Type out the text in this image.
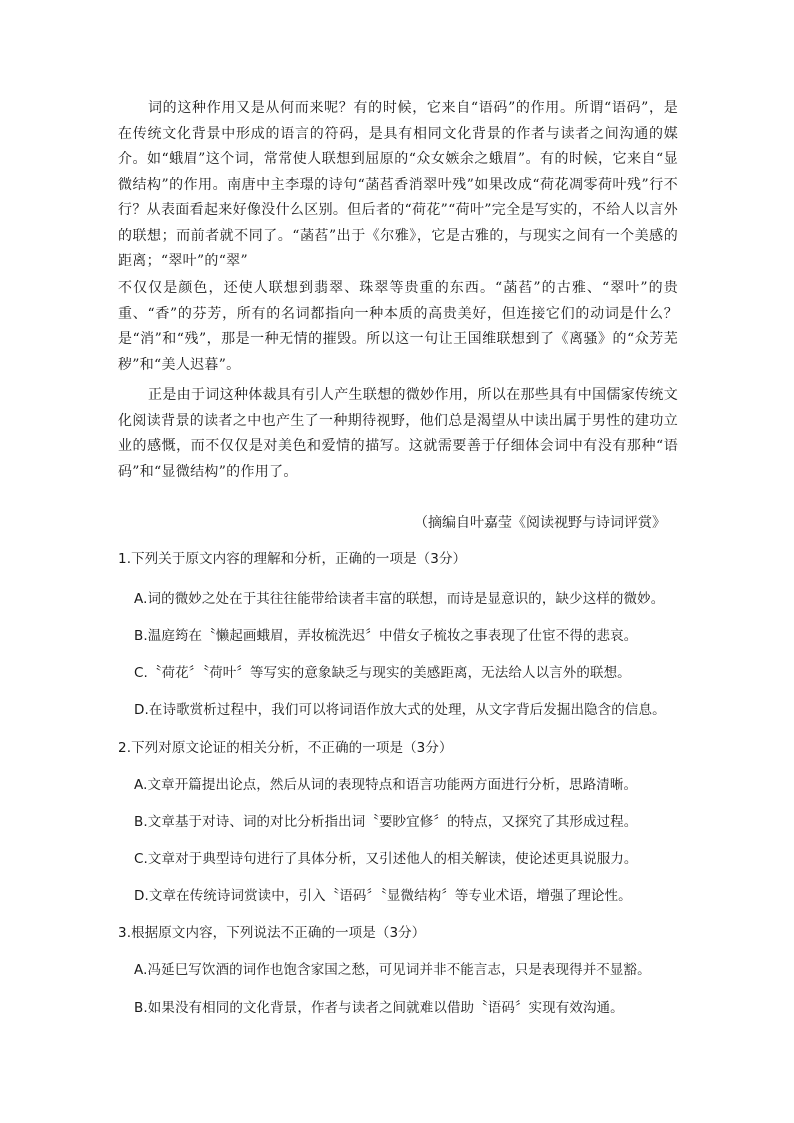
词的这种作用又是从何而来呢？有的时候，它来自“语码”的作用。所谓“语码”，是在传统文化背景中形成的语言的符码，是具有相同文化背景的作者与读者之间沟通的媒介。如“蛾眉”这个词，常常使人联想到屈原的“众女嫉余之蛾眉”。有的时候，它来自“显微结构”的作用。南唐中主李璟的诗句“菡萏香消翠叶残”如果改成“荷花凋零荷叶残”行不行？从表面看起来好像没什么区别。但后者的“荷花”“荷叶”完全是写实的，不给人以言外的联想；而前者就不同了。“菡萏”出于《尔雅》，它是古雅的，与现实之间有一个美感的距离；“翠叶”的“翠”

不仅仅是颜色，还使人联想到翡翠、珠翠等贵重的东西。“菡萏”的古雅、“翠叶”的贵重、“香”的芬芳，所有的名词都指向一种本质的高贵美好，但连接它们的动词是什么？是“消”和“残”，那是一种无情的摧毁。所以这一句让王国维联想到了《离骚》的“众芳芜秽”和“美人迟暮”。

正是由于词这种体裁具有引人产生联想的微妙作用，所以在那些具有中国儒家传统文化阅读背景的读者之中也产生了一种期待视野，他们总是渴望从中读出属于男性的建功立业的感慨，而不仅仅是对美色和爱情的描写。这就需要善于仔细体会词中有没有那种“语码”和“显微结构”的作用了。

（摘编自叶嘉莹《阅读视野与诗词评赏》
1.下列关于原文内容的理解和分析，正确的一项是（3分）
A.词的微妙之处在于其往往能带给读者丰富的联想，而诗是显意识的，缺少这样的微妙。
B.温庭筠在〝懒起画蛾眉，弄妆梳洗迟〞中借女子梳妆之事表现了仕宦不得的悲哀。
C.〝荷花〞〝荷叶〞等写实的意象缺乏与现实的美感距离，无法给人以言外的联想。
D.在诗歌赏析过程中，我们可以将词语作放大式的处理，从文字背后发掘出隐含的信息。
2.下列对原文论证的相关分析，不正确的一项是（3分）
A.文章开篇提出论点，然后从词的表现特点和语言功能两方面进行分析，思路清晰。
B.文章基于对诗、词的对比分析指出词〝要眇宜修〞的特点，又探究了其形成过程。
C.文章对于典型诗句进行了具体分析，又引述他人的相关解读，使论述更具说服力。
D.文章在传统诗词赏读中，引入〝语码〞〝显微结构〞等专业术语，增强了理论性。
3.根据原文内容，下列说法不正确的一项是（3分）
A.冯延巳写饮酒的词作也饱含家国之愁，可见词并非不能言志，只是表现得并不显豁。
B.如果没有相同的文化背景，作者与读者之间就难以借助〝语码〞实现有效沟通。
